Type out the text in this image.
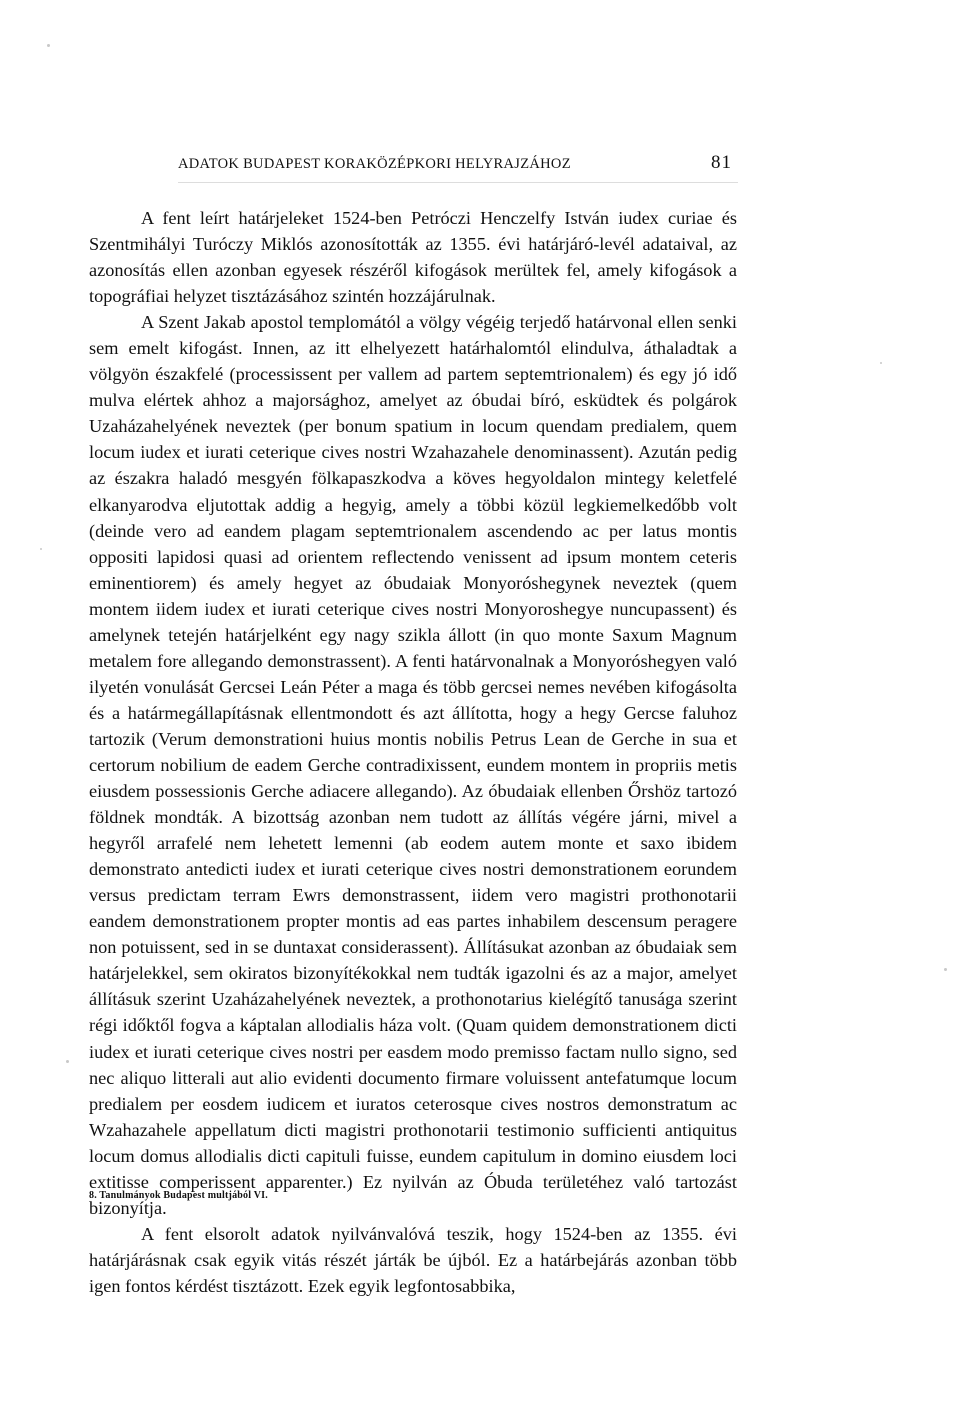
ADATOK BUDAPEST KORAKÖZÉPKORI HELYRAJZÁHOZ	81

A fent leírt határjeleket 1524-ben Petróczi Henczelfy István iudex curiae és Szentmihályi Turóczy Miklós azonosították az 1355. évi határjáró-levél adataival, az azonosítás ellen azonban egyesek részéről kifogások merültek fel, amely kifogások a topográfiai helyzet tisztázásához szintén hozzájárulnak.

A Szent Jakab apostol templomától a völgy végéig terjedő határvonal ellen senki sem emelt kifogást. Innen, az itt elhelyezett határhalomtól elindulva, áthaladtak a völgyön északfelé (processissent per vallem ad partem septemtrionalem) és egy jó idő mulva elértek ahhoz a majorsághoz, amelyet az óbudai bíró, esküdtek és polgárok Uzaházahelyének neveztek (per bonum spatium in locum quendam predialem, quem locum iudex et iurati ceterique cives nostri Wzahazahele denominassent). Azután pedig az északra haladó mesgyén fölkapaszkodva a köves hegyoldalon mintegy keletfelé elkanyarodva eljutottak addig a hegyig, amely a többi közül legkiemelkedőbb volt (deinde vero ad eandem plagam septemtrionalem ascendendo ac per latus montis oppositi lapidosi quasi ad orientem reflectendo venissent ad ipsum montem ceteris eminentiorem) és amely hegyet az óbudaiak Monyoróshegynek neveztek (quem montem iidem iudex et iurati ceterique cives nostri Monyoroshegye nuncupassent) és amelynek tetején határjelként egy nagy szikla állott (in quo monte Saxum Magnum metalem fore allegando demonstrassent). A fenti határvonalnak a Monyoróshegyen való ilyetén vonulását Gercsei Leán Péter a maga és több gercsei nemes nevében kifogásolta és a határmegállapításnak ellentmondott és azt állította, hogy a hegy Gercse faluhoz tartozik (Verum demonstrationi huius montis nobilis Petrus Lean de Gerche in sua et certorum nobilium de eadem Gerche contradixissent, eundem montem in propriis metis eiusdem possessionis Gerche adiacere allegando). Az óbudaiak ellenben Őrshöz tartozó földnek mondták. A bizottság azonban nem tudott az állítás végére járni, mivel a hegyről arrafelé nem lehetett lemenni (ab eodem autem monte et saxo ibidem demonstrato antedicti iudex et iurati ceterique cives nostri demonstrationem eorundem versus predictam terram Ewrs demonstrassent, iidem vero magistri prothonotarii eandem demonstrationem propter montis ad eas partes inhabilem descensum peragere non potuissent, sed in se duntaxat considerassent). Állításukat azonban az óbudaiak sem határjelekkel, sem okiratos bizonyítékokkal nem tudták igazolni és az a major, amelyet állításuk szerint Uzaházahelyének neveztek, a prothonotarius kielégítő tanusága szerint régi időktől fogva a káptalan allodialis háza volt. (Quam quidem demonstrationem dicti iudex et iurati ceterique cives nostri per easdem modo premisso factam nullo signo, sed nec aliquo litterali aut alio evidenti documento firmare voluissent antefatumque locum predialem per eosdem iudicem et iuratos ceterosque cives nostros demonstratum ac Wzahazahele appellatum dicti magistri prothonotarii testimonio sufficienti antiquitus locum domus allodialis dicti capituli fuisse, eundem capitulum in domino eiusdem loci extitisse comperissent apparenter.) Ez nyilván az Óbuda területéhez való tartozást bizonyítja.

A fent elsorolt adatok nyilvánvalóvá teszik, hogy 1524-ben az 1355. évi határjárásnak csak egyik vitás részét járták be újból. Ez a határbejárás azonban több igen fontos kérdést tisztázott. Ezek egyik legfontosabbika,

8. Tanulmányok Budapest multjából VI.
